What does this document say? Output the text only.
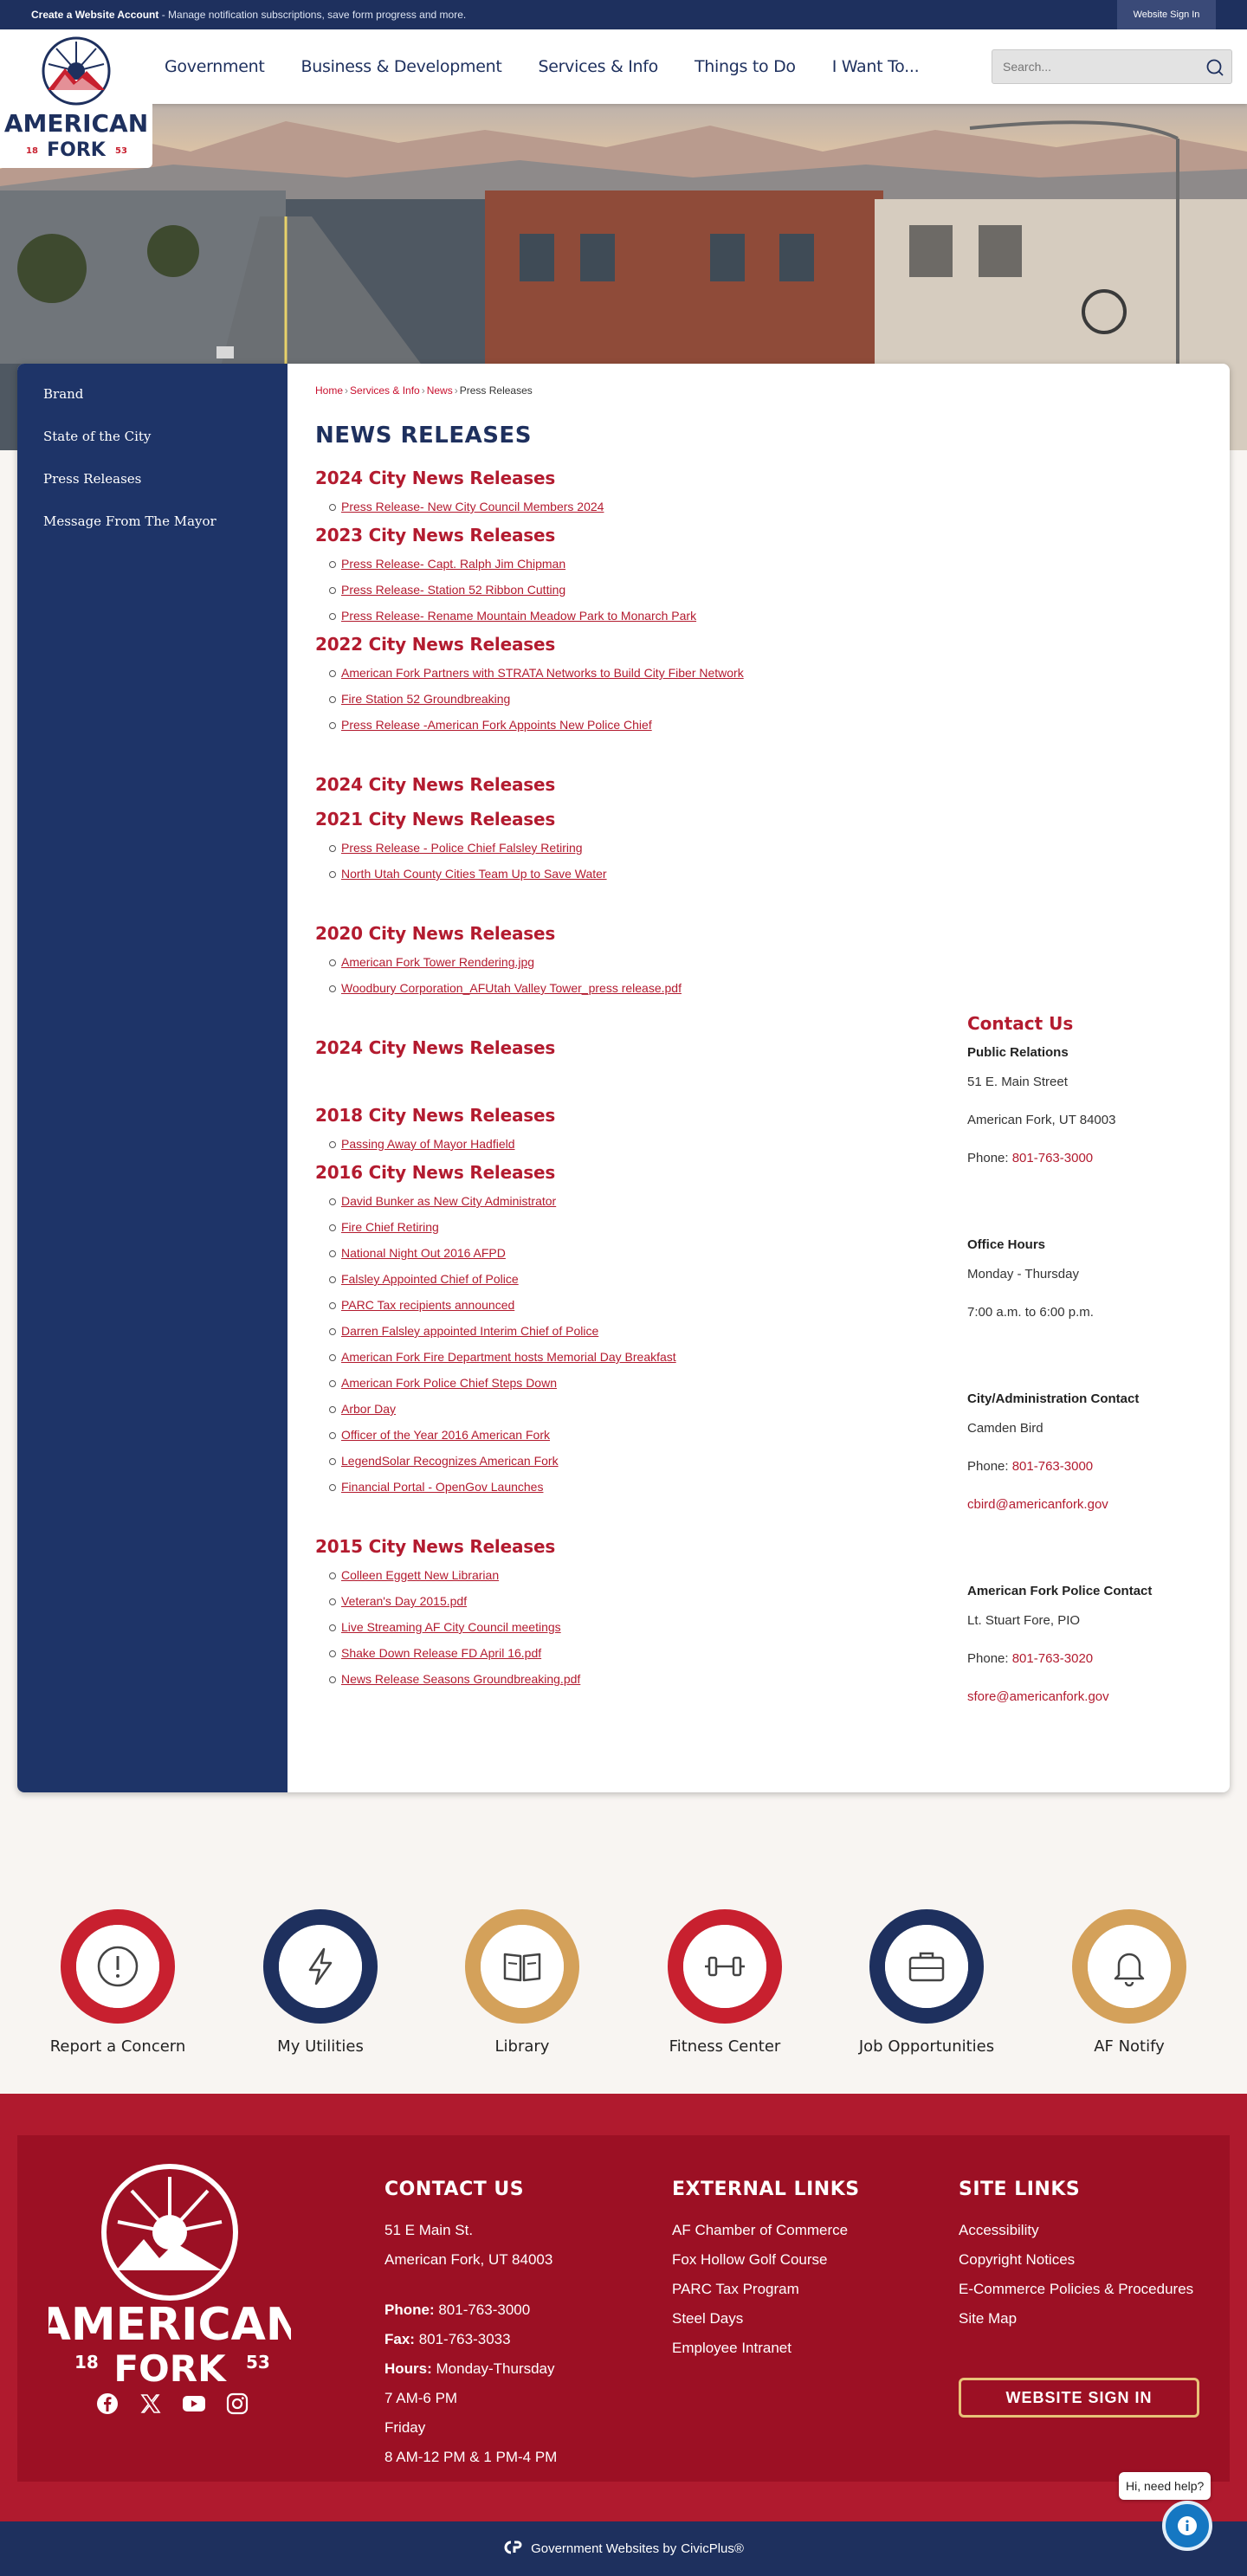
Create a Website Account - Manage notification subscriptions, save form progress and more.	Website Sign In
Government Business & Development Services & Info Things to Do I Want To...
Search...
AMERICAN
FORK
18	53
Brand
State of the City
Press Releases
Message From The Mayor
Home › Services & Info › News › Press Releases
NEWS RELEASES
2024 City News Releases
Press Release- New City Council Members 2024
2023 City News Releases
Press Release- Capt. Ralph Jim Chipman
Press Release- Station 52 Ribbon Cutting
Press Release- Rename Mountain Meadow Park to Monarch Park
2022 City News Releases
American Fork Partners with STRATA Networks to Build City Fiber Network
Fire Station 52 Groundbreaking
Press Release -American Fork Appoints New Police Chief
2024 City News Releases
2021 City News Releases
Press Release - Police Chief Falsley Retiring
North Utah County Cities Team Up to Save Water
2020 City News Releases
American Fork Tower Rendering.jpg
Woodbury Corporation_AFUtah Valley Tower_press release.pdf
2024 City News Releases
2018 City News Releases
Passing Away of Mayor Hadfield
2016 City News Releases
David Bunker as New City Administrator
Fire Chief Retiring
National Night Out 2016 AFPD
Falsley Appointed Chief of Police
PARC Tax recipients announced
Darren Falsley appointed Interim Chief of Police
American Fork Fire Department hosts Memorial Day Breakfast
American Fork Police Chief Steps Down
Arbor Day
Officer of the Year 2016 American Fork
LegendSolar Recognizes American Fork
Financial Portal - OpenGov Launches
2015 City News Releases
Colleen Eggett New Librarian
Veteran's Day 2015.pdf
Live Streaming AF City Council meetings
Shake Down Release FD April 16.pdf
News Release Seasons Groundbreaking.pdf
Contact Us
Public Relations
51 E. Main Street
American Fork, UT 84003
Phone: 801-763-3000
Office Hours
Monday - Thursday
7:00 a.m. to 6:00 p.m.
City/Administration Contact
Camden Bird
Phone: 801-763-3000
cbird@americanfork.gov
American Fork Police Contact
Lt. Stuart Fore, PIO
Phone: 801-763-3020
sfore@americanfork.gov
Report a Concern	My Utilities	Library	Fitness Center	Job Opportunities	AF Notify
AMERICAN
FORK
18	53
CONTACT US
51 E Main St.
American Fork, UT 84003
Phone: 801-763-3000
Fax: 801-763-3033
Hours: Monday-Thursday
7 AM-6 PM
Friday
8 AM-12 PM & 1 PM-4 PM
EXTERNAL LINKS
AF Chamber of Commerce
Fox Hollow Golf Course
PARC Tax Program
Steel Days
Employee Intranet
SITE LINKS
Accessibility
Copyright Notices
E-Commerce Policies & Procedures
Site Map
WEBSITE SIGN IN
Government Websites by CivicPlus®
Hi, need help?
